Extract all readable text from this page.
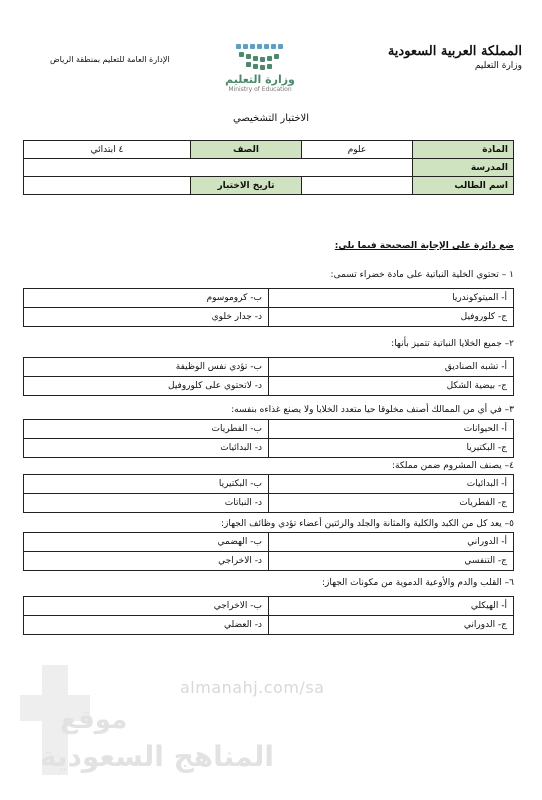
المملكة العربية السعودية
وزارة التعليم
وزارة التعليم
Ministry of Education
الإدارة العامة للتعليم بمنطقة الرياض
الاختبار التشخيصي
المادة	علوم	الصف	٤ ابتدائي
المدرسة			
اسم الطالب		تاريخ الاختبار	
ضع دائرة على الإجابة الصحيحة فيما يلي:
١ – تحتوي الخلية النباتية على مادة خضراء تسمى:
أ- الميتوكوندريا	ب- كروموسوم
ج- كلوروفيل	د- جدار خلوي
٢– جميع الخلايا النباتية تتميز بأنها:
أ- تشبه الصناديق	ب- تؤدي نفس الوظيفة
ج- بيضية الشكل	د- لاتحتوي على كلوروفيل
٣– في أي من الممالك أصنف مخلوقا حيا متعدد الخلايا ولا يصنع غذاءه بنفسه:
أ- الحيوانات	ب- الفطريات
ج- البكتيريا	د- البدائيات
٤– يصنف المشروم ضمن مملكة:
أ- البدائيات	ب- البكتيريا
ج- الفطريات	د- النباتات
٥– يعد كل من الكبد والكلية والمثانة والجلد والرئتين أعضاء تؤدي وظائف الجهاز:
أ- الدوراني	ب- الهضمي
ج- التنفسي	د- الاخراجي
٦– القلب والدم والأوعية الدموية من مكونات الجهاز:
أ- الهيكلي	ب- الاخراجي
ج- الدوراني	د- العضلي
almanahj.com/sa
موقع
المناهج السعودية
